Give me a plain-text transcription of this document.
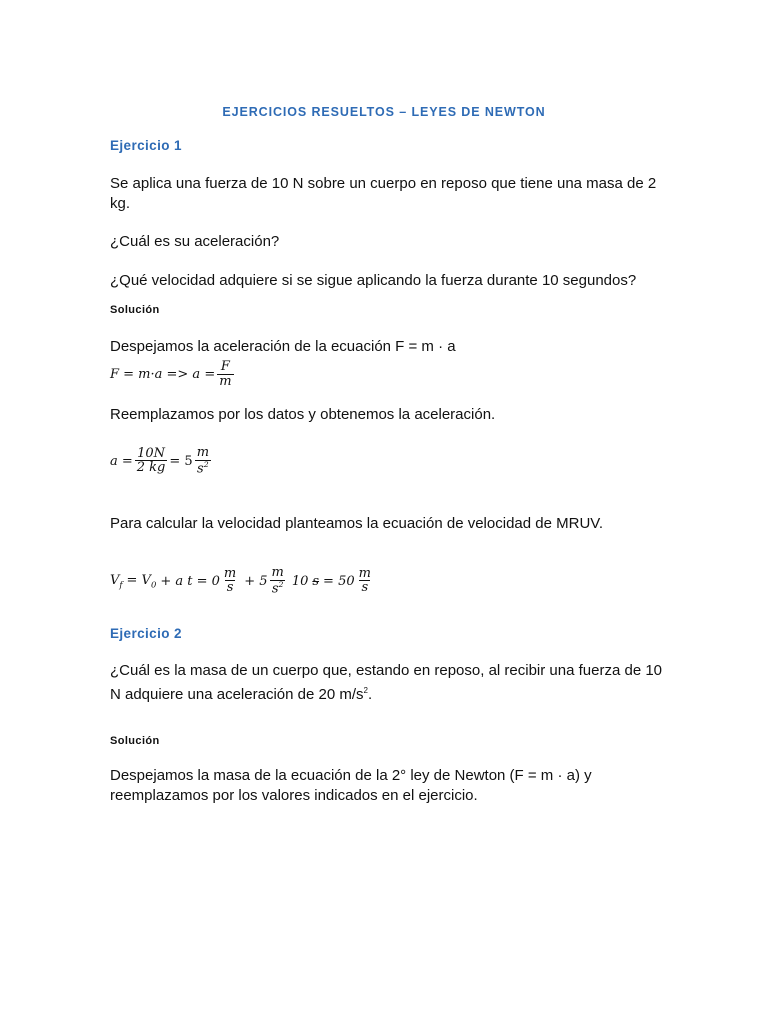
EJERCICIOS RESUELTOS – LEYES DE NEWTON
Ejercicio 1
Se aplica una fuerza de 10 N sobre un cuerpo en reposo que tiene una masa de 2 kg.
¿Cuál es su aceleración?
¿Qué velocidad adquiere si se sigue aplicando la fuerza durante 10 segundos?
Solución
Despejamos la aceleración de la ecuación F = m · a
$F = m\cdot a => a = \frac{F}{m}$
Reemplazamos por los datos y obtenemos la aceleración.
$a = \frac{10N}{2 kg} = 5 \frac{m}{s^2}$
Para calcular la velocidad planteamos la ecuación de velocidad de MRUV.
$V_f = V_0 + a$ $t = 0 \frac{m}{s} + 5 \frac{m}{s^2} 10$ $s = 50 \frac{m}{s}$
Ejercicio 2
¿Cuál es la masa de un cuerpo que, estando en reposo, al recibir una fuerza de 10 N adquiere una aceleración de 20 $m/s^2$.
Solución
Despejamos la masa de la ecuación de la 2° ley de Newton (F = m · a) y reemplazamos por los valores indicados en el ejercicio.
